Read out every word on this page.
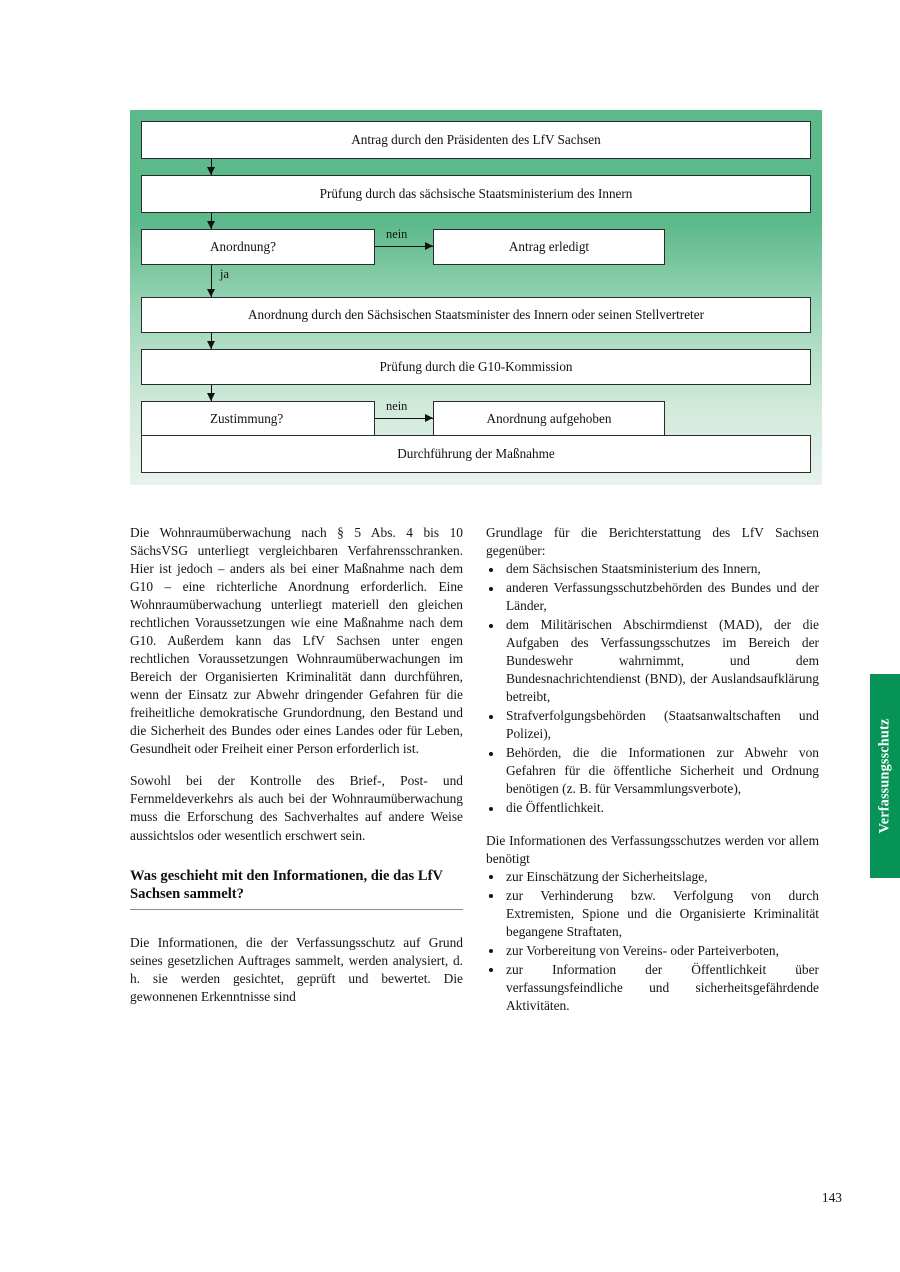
Antrag durch den Präsidenten des LfV Sachsen
Prüfung durch das sächsische Staatsministerium des Innern
Anordnung?
nein
Antrag erledigt
ja
Anordnung durch den Sächsischen Staatsminister des Innern oder seinen Stellvertreter
Prüfung durch die G10-Kommission
Zustimmung?
nein
Anordnung aufgehoben
Durchführung der Maßnahme

Die Wohnraumüberwachung nach § 5 Abs. 4 bis 10 SächsVSG unterliegt vergleichbaren Verfahrensschranken. Hier ist jedoch – anders als bei einer Maßnahme nach dem G10 – eine richterliche Anordnung erforderlich. Eine Wohnraumüberwachung unterliegt materiell den gleichen rechtlichen Voraussetzungen wie eine Maßnahme nach dem G10. Außerdem kann das LfV Sachsen unter engen rechtlichen Voraussetzungen Wohnraumüberwachungen im Bereich der Organisierten Kriminalität dann durchführen, wenn der Einsatz zur Abwehr dringender Gefahren für die freiheitliche demokratische Grundordnung, den Bestand und die Sicherheit des Bundes oder eines Landes oder für Leben, Gesundheit oder Freiheit einer Person erforderlich ist.

Sowohl bei der Kontrolle des Brief-, Post- und Fernmeldeverkehrs als auch bei der Wohnraumüberwachung muss die Erforschung des Sachverhaltes auf andere Weise aussichtslos oder wesentlich erschwert sein.

Was geschieht mit den Informationen, die das LfV Sachsen sammelt?

Die Informationen, die der Verfassungsschutz auf Grund seines gesetzlichen Auftrages sammelt, werden analysiert, d. h. sie werden gesichtet, geprüft und bewertet. Die gewonnenen Erkenntnisse sind

Grundlage für die Berichterstattung des LfV Sachsen gegenüber:

dem Sächsischen Staatsministerium des Innern,
anderen Verfassungsschutzbehörden des Bundes und der Länder,
dem Militärischen Abschirmdienst (MAD), der die Aufgaben des Verfassungsschutzes im Bereich der Bundeswehr wahrnimmt, und dem Bundesnachrichtendienst (BND), der Auslandsaufklärung betreibt,
Strafverfolgungsbehörden (Staatsanwaltschaften und Polizei),
Behörden, die die Informationen zur Abwehr von Gefahren für die öffentliche Sicherheit und Ordnung benötigen (z. B. für Versammlungsverbote),
die Öffentlichkeit.

Die Informationen des Verfassungsschutzes werden vor allem benötigt

zur Einschätzung der Sicherheitslage,
zur Verhinderung bzw. Verfolgung von durch Extremisten, Spione und die Organisierte Kriminalität begangene Straftaten,
zur Vorbereitung von Vereins- oder Parteiverboten,
zur Information der Öffentlichkeit über verfassungsfeindliche und sicherheitsgefährdende Aktivitäten.
Verfassungsschutz
143
